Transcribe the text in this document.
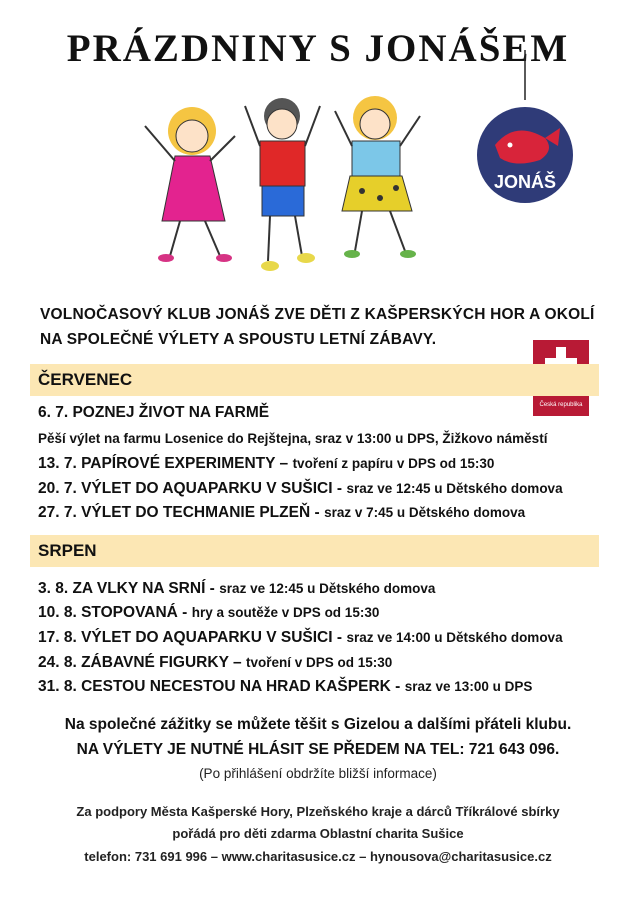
PRÁZDNINY S JONÁŠEM
JONÁŠ
Česká republika
VOLNOČASOVÝ KLUB JONÁŠ ZVE DĚTI Z KAŠPERSKÝCH HOR A OKOLÍ
NA SPOLEČNÉ VÝLETY A SPOUSTU LETNÍ ZÁBAVY.
ČERVENEC
6. 7. POZNEJ ŽIVOT NA FARMĚ
Pěší výlet na farmu Losenice do Rejštejna, sraz v 13:00 u DPS, Žižkovo náměstí
13. 7. PAPÍROVÉ EXPERIMENTY – tvoření z papíru v DPS od 15:30
20. 7. VÝLET DO AQUAPARKU V SUŠICI - sraz ve 12:45 u Dětského domova
27. 7. VÝLET DO TECHMANIE PLZEŇ - sraz v 7:45 u Dětského domova
SRPEN
3. 8. ZA VLKY NA SRNÍ - sraz ve 12:45 u Dětského domova
10. 8. STOPOVANÁ - hry a soutěže v DPS od 15:30
17. 8. VÝLET DO AQUAPARKU V SUŠICI - sraz ve 14:00 u Dětského domova
24. 8. ZÁBAVNÉ FIGURKY – tvoření v DPS od 15:30
31. 8. CESTOU NECESTOU NA HRAD KAŠPERK - sraz ve 13:00 u DPS
Na společné zážitky se můžete těšit s Gizelou a dalšími přáteli klubu.
NA VÝLETY JE NUTNÉ HLÁSIT SE PŘEDEM NA TEL: 721 643 096.
(Po přihlášení obdržíte bližší informace)
Za podpory Města Kašperské Hory, Plzeňského kraje a dárců Tříkrálové sbírky
pořádá pro děti zdarma Oblastní charita Sušice
telefon: 731 691 996 – www.charitasusice.cz – hynousova@charitasusice.cz
